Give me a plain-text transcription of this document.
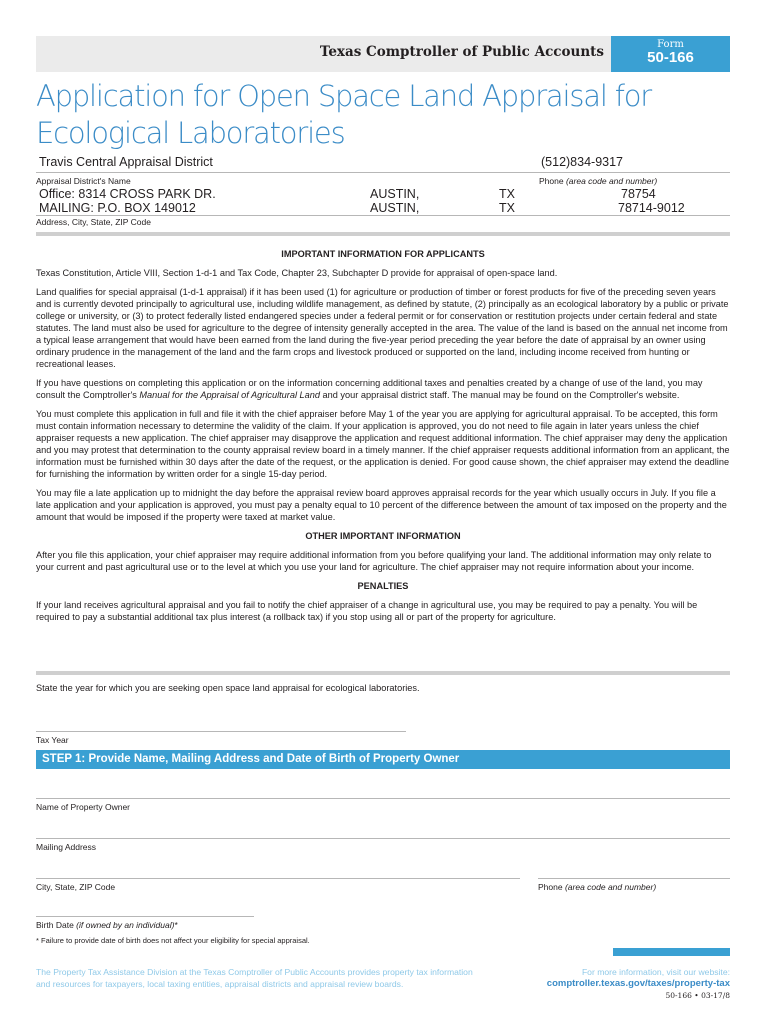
Texas Comptroller of Public Accounts	Form
50-166
Application for Open Space Land Appraisal for Ecological Laboratories
Travis Central Appraisal District	(512)834-9317
Appraisal District's Name	Phone (area code and number)
Office: 8314 CROSS PARK DR.	AUSTIN,	TX	78754
MAILING: P.O. BOX 149012	AUSTIN,	TX	78714-9012
Address, City, State, ZIP Code

IMPORTANT INFORMATION FOR APPLICANTS

Texas Constitution, Article VIII, Section 1-d-1 and Tax Code, Chapter 23, Subchapter D provide for appraisal of open-space land.

Land qualifies for special appraisal (1-d-1 appraisal) if it has been used (1) for agriculture or production of timber or forest products for five of the preceding seven years and is currently devoted principally to agricultural use, including wildlife management, as defined by statute, (2) principally as an ecological laboratory by a public or private college or university, or (3) to protect federally listed endangered species under a federal permit or for conservation or restitution projects under certain federal and state statutes. The land must also be used for agriculture to the degree of intensity generally accepted in the area. The value of the land is based on the annual net income from a typical lease arrangement that would have been earned from the land during the five-year period preceding the year before the date of appraisal by an owner using ordinary prudence in the management of the land and the farm crops and livestock produced or supported on the land, including income received from hunting or recreational leases.

If you have questions on completing this application or on the information concerning additional taxes and penalties created by a change of use of the land, you may consult the Comptroller's Manual for the Appraisal of Agricultural Land and your appraisal district staff. The manual may be found on the Comptroller's website.

You must complete this application in full and file it with the chief appraiser before May 1 of the year you are applying for agricultural appraisal. To be accepted, this form must contain information necessary to determine the validity of the claim. If your application is approved, you do not need to file again in later years unless the chief appraiser requests a new application. The chief appraiser may disapprove the application and request additional information. The chief appraiser may deny the application and you may protest that determination to the county appraisal review board in a timely manner. If the chief appraiser requests additional information from an applicant, the information must be furnished within 30 days after the date of the request, or the application is denied. For good cause shown, the chief appraiser may extend the deadline for furnishing the information by written order for a single 15-day period.

You may file a late application up to midnight the day before the appraisal review board approves appraisal records for the year which usually occurs in July. If you file a late application and your application is approved, you must pay a penalty equal to 10 percent of the difference between the amount of tax imposed on the property and the amount that would be imposed if the property were taxed at market value.

OTHER IMPORTANT INFORMATION

After you file this application, your chief appraiser may require additional information from you before qualifying your land. The additional information may only relate to your current and past agricultural use or to the level at which you use your land for agriculture. The chief appraiser may not require information about your income.

PENALTIES

If your land receives agricultural appraisal and you fail to notify the chief appraiser of a change in agricultural use, you may be required to pay a penalty. You will be required to pay a substantial additional tax plus interest (a rollback tax) if you stop using all or part of the property for agriculture.

State the year for which you are seeking open space land appraisal for ecological laboratories.
Tax Year
STEP 1: Provide Name, Mailing Address and Date of Birth of Property Owner
Name of Property Owner
Mailing Address
City, State, ZIP Code	Phone (area code and number)
Birth Date (if owned by an individual)*
* Failure to provide date of birth does not affect your eligibility for special appraisal.
The Property Tax Assistance Division at the Texas Comptroller of Public Accounts provides property tax information and resources for taxpayers, local taxing entities, appraisal districts and appraisal review boards.
For more information, visit our website:
comptroller.texas.gov/taxes/property-tax
50-166 • 03-17/8
